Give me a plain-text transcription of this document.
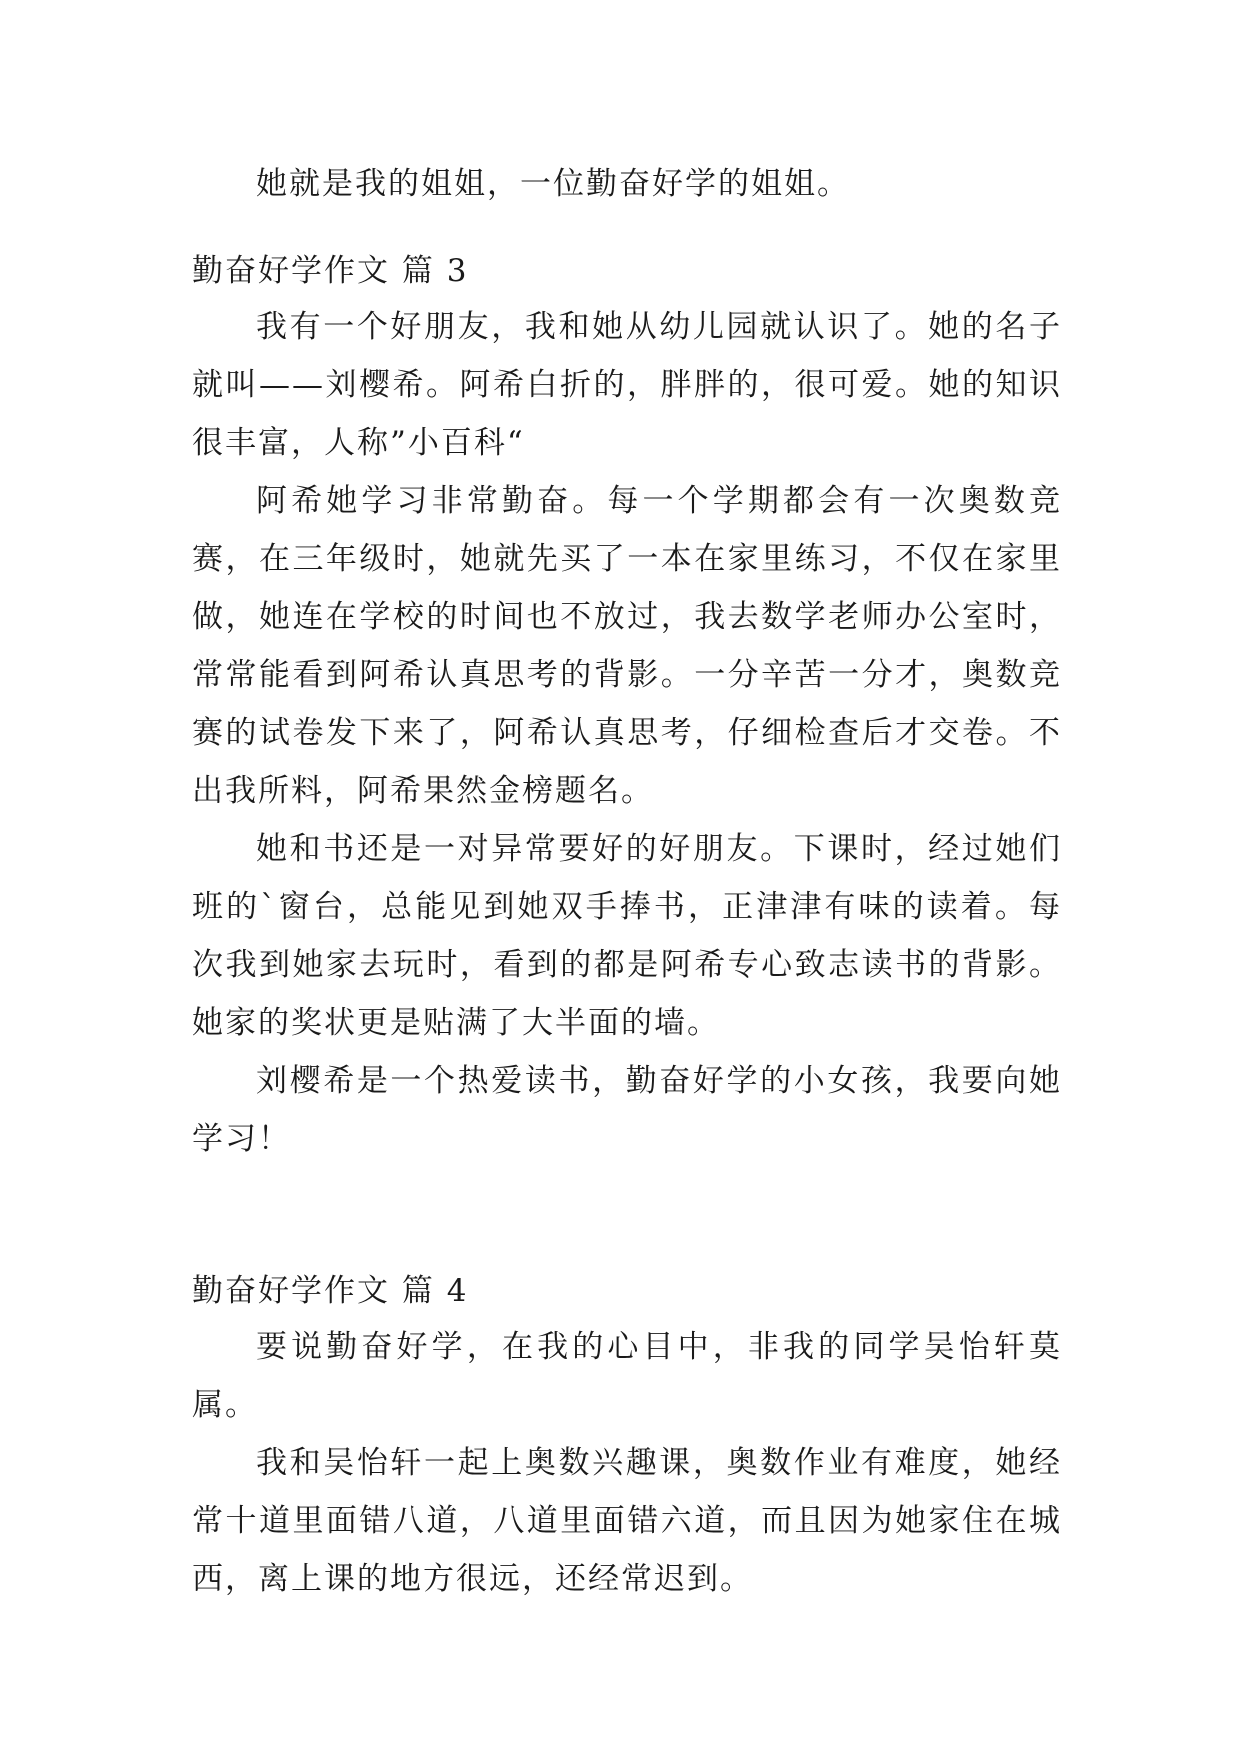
她就是我的姐姐，一位勤奋好学的姐姐。

勤奋好学作文 篇 3

我有一个好朋友，我和她从幼儿园就认识了。她的名子就叫——刘樱希。阿希白折的，胖胖的，很可爱。她的知识很丰富，人称”小百科“

阿希她学习非常勤奋。每一个学期都会有一次奥数竞赛，在三年级时，她就先买了一本在家里练习，不仅在家里做，她连在学校的时间也不放过，我去数学老师办公室时，常常能看到阿希认真思考的背影。一分辛苦一分才，奥数竞赛的试卷发下来了，阿希认真思考，仔细检查后才交卷。不出我所料，阿希果然金榜题名。

她和书还是一对异常要好的好朋友。下课时，经过她们班的`窗台，总能见到她双手捧书，正津津有味的读着。每次我到她家去玩时，看到的都是阿希专心致志读书的背影。她家的奖状更是贴满了大半面的墙。

刘樱希是一个热爱读书，勤奋好学的小女孩，我要向她学习！

勤奋好学作文 篇 4

要说勤奋好学，在我的心目中，非我的同学吴怡轩莫属。

我和吴怡轩一起上奥数兴趣课，奥数作业有难度，她经常十道里面错八道，八道里面错六道，而且因为她家住在城西，离上课的地方很远，还经常迟到。
